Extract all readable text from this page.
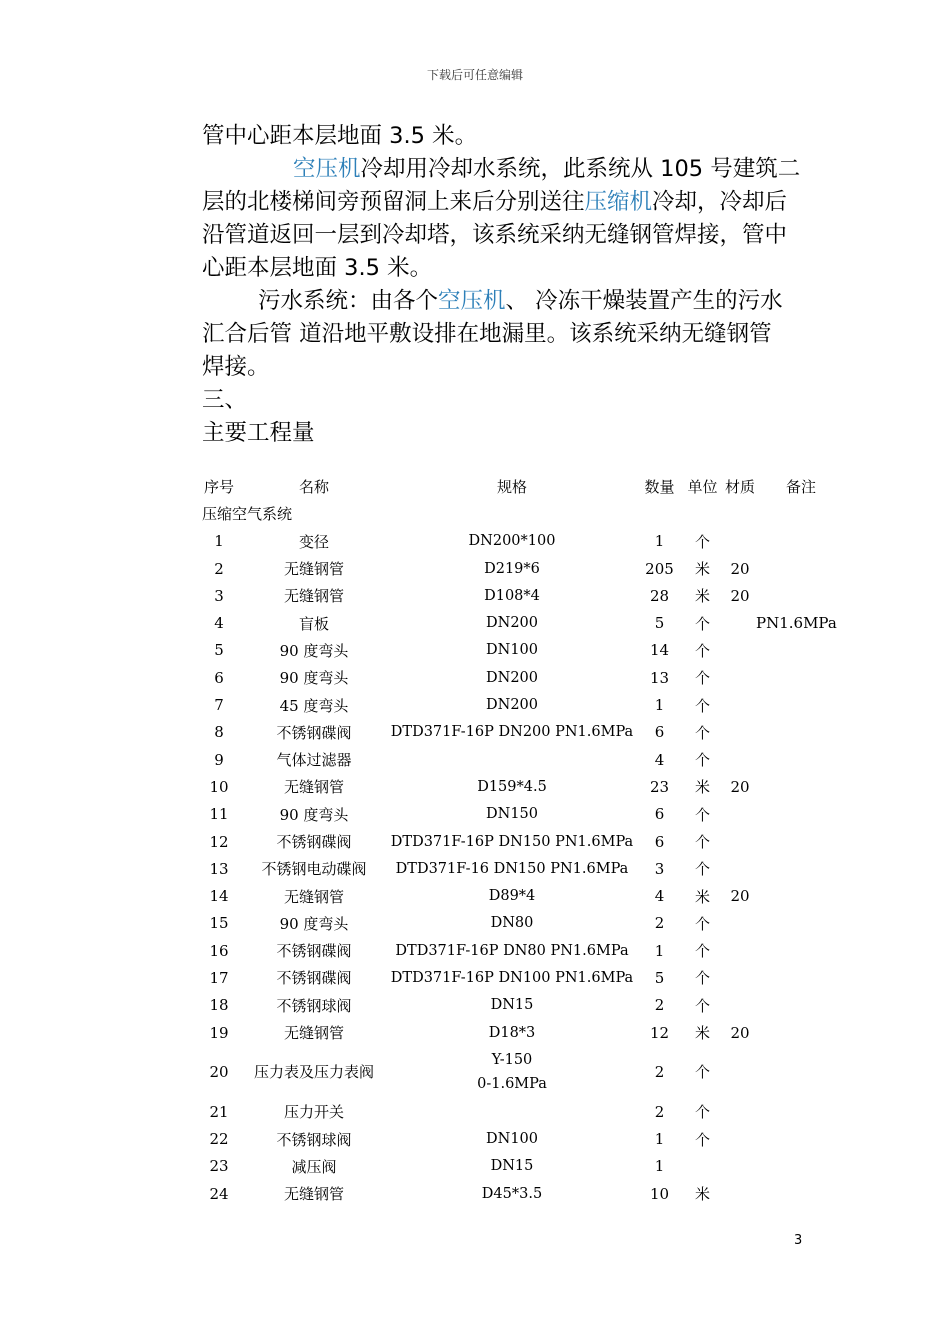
下载后可任意编辑

管中心距本层地面 3.5 米。

空压机冷却用冷却水系统，此系统从 105 号建筑二

层的北楼梯间旁预留洞上来后分别送往压缩机冷却，冷却后

沿管道返回一层到冷却塔，该系统采纳无缝钢管焊接，管中

心距本层地面 3.5 米。

污水系统：由各个空压机、 冷冻干燥装置产生的污水

汇合后管 道沿地平敷设排在地漏里。该系统采纳无缝钢管

焊接。

三、

主要工程量

序号	名称	规格	数量	单位	材质	备注
压缩空气系统						
1	变径	DN200*100	1	个		
2	无缝钢管	D219*6	205	米	20	
3	无缝钢管	D108*4	28	米	20	
4	盲板	DN200	5	个		PN1.6MPa
5	90 度弯头	DN100	14	个		
6	90 度弯头	DN200	13	个		
7	45 度弯头	DN200	1	个		
8	不锈钢碟阀	DTD371F-16P DN200 PN1.6MPa	6	个		
9	气体过滤器		4	个		
10	无缝钢管	D159*4.5	23	米	20	
11	90 度弯头	DN150	6	个		
12	不锈钢碟阀	DTD371F-16P DN150 PN1.6MPa	6	个		
13	不锈钢电动碟阀	DTD371F-16 DN150 PN1.6MPa	3	个		
14	无缝钢管	D89*4	4	米	20	
15	90 度弯头	DN80	2	个		
16	不锈钢碟阀	DTD371F-16P DN80 PN1.6MPa	1	个		
17	不锈钢碟阀	DTD371F-16P DN100 PN1.6MPa	5	个		
18	不锈钢球阀	DN15	2	个		
19	无缝钢管	D18*3	12	米	20	
20	压力表及压力表阀	Y-150
0-1.6MPa	2	个		
21	压力开关		2	个		
22	不锈钢球阀	DN100	1	个		
23	减压阀	DN15	1			
24	无缝钢管	D45*3.5	10	米		
3
